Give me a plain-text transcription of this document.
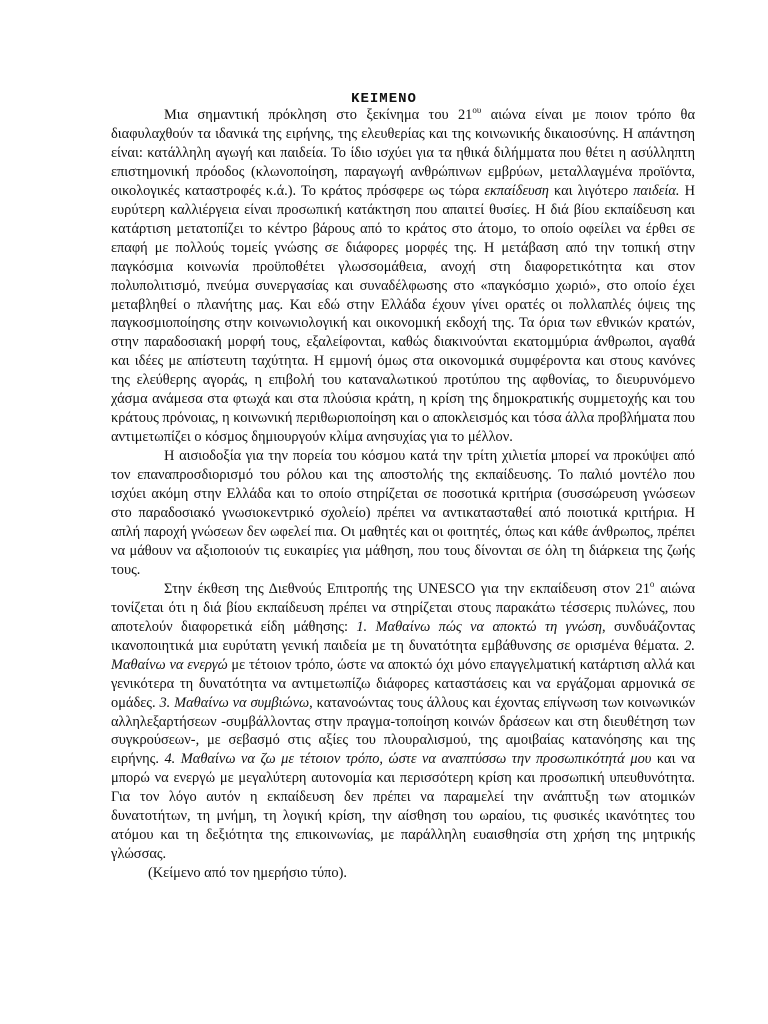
ΚΕΙΜΕΝΟ

Μια σημαντική πρόκληση στο ξεκίνημα του $21^{o\upsilon}$ αιώνα είναι με ποιον τρόπο θα διαφυλαχθούν τα ιδανικά της ειρήνης, της ελευθερίας και της κοινωνικής δικαιοσύνης. Η απάντηση είναι: κατάλληλη αγωγή και παιδεία. Το ίδιο ισχύει για τα ηθικά διλήμματα που θέτει η ασύλληπτη επιστημονική πρόοδος (κλωνοποίηση, παραγωγή ανθρώπινων εμβρύων, μεταλλαγμένα προϊόντα, οικολογικές καταστροφές κ.ά.). Το κράτος πρόσφερε ως τώρα εκπαίδευση και λιγότερο παιδεία. Η ευρύτερη καλλιέργεια είναι προσωπική κατάκτηση που απαιτεί θυσίες. Η διά βίου εκπαίδευση και κατάρτιση μετατοπίζει το κέντρο βάρους από το κράτος στο άτομο, το οποίο οφείλει να έρθει σε επαφή με πολλούς τομείς γνώσης σε διάφορες μορφές της. Η μετάβαση από την τοπική στην παγκόσμια κοινωνία προϋποθέτει γλωσσομάθεια, ανοχή στη διαφορετικότητα και στον πολυπολιτισμό, πνεύμα συνεργασίας και συναδέλφωσης στο «παγκόσμιο χωριό», στο οποίο έχει μεταβληθεί ο πλανήτης μας. Και εδώ στην Ελλάδα έχουν γίνει ορατές οι πολλαπλές όψεις της παγκοσμιοποίησης στην κοινωνιολογική και οικονομική εκδοχή της. Τα όρια των εθνικών κρατών, στην παραδοσιακή μορφή τους, εξαλείφονται, καθώς διακινούνται εκατομμύρια άνθρωποι, αγαθά και ιδέες με απίστευτη ταχύτητα. Η εμμονή όμως στα οικονομικά συμφέροντα και στους κανόνες της ελεύθερης αγοράς, η επιβολή του καταναλωτικού προτύπου της αφθονίας, το διευρυνόμενο χάσμα ανάμεσα στα φτωχά και στα πλούσια κράτη, η κρίση της δημοκρατικής συμμετοχής και του κράτους πρόνοιας, η κοινωνική περιθωριοποίηση και ο αποκλεισμός και τόσα άλλα προβλήματα που αντιμετωπίζει ο κόσμος δημιουργούν κλίμα ανησυχίας για το μέλλον.

Η αισιοδοξία για την πορεία του κόσμου κατά την τρίτη χιλιετία μπορεί να προκύψει από τον επαναπροσδιορισμό του ρόλου και της αποστολής της εκπαίδευσης. Το παλιό μοντέλο που ισχύει ακόμη στην Ελλάδα και το οποίο στηρίζεται σε ποσοτικά κριτήρια (συσσώρευση γνώσεων στο παραδοσιακό γνωσιοκεντρικό σχολείο) πρέπει να αντικατασταθεί από ποιοτικά κριτήρια. Η απλή παροχή γνώσεων δεν ωφελεί πια. Οι μαθητές και οι φοιτητές, όπως και κάθε άνθρωπος, πρέπει να μάθουν να αξιοποιούν τις ευκαιρίες για μάθηση, που τους δίνονται σε όλη τη διάρκεια της ζωής τους.

Στην έκθεση της Διεθνούς Επιτροπής της UNESCO για την εκπαίδευση στον $21^o$ αιώνα τονίζεται ότι η διά βίου εκπαίδευση πρέπει να στηρίζεται στους παρακάτω τέσσερις πυλώνες, που αποτελούν διαφορετικά είδη μάθησης: 1. Μαθαίνω πώς να αποκτώ τη γνώση, συνδυάζοντας ικανοποιητικά μια ευρύτατη γενική παιδεία με τη δυνατότητα εμβάθυνσης σε ορισμένα θέματα. 2. Μαθαίνω να ενεργώ με τέτοιον τρόπο, ώστε να αποκτώ όχι μόνο επαγγελματική κατάρτιση αλλά και γενικότερα τη δυνατότητα να αντιμετωπίζω διάφορες καταστάσεις και να εργάζομαι αρμονικά σε ομάδες. 3. Μαθαίνω να συμβιώνω, κατανοώντας τους άλλους και έχοντας επίγνωση των κοινωνικών αλληλεξαρτήσεων -συμβάλλοντας στην πραγμα-τοποίηση κοινών δράσεων και στη διευθέτηση των συγκρούσεων-, με σεβασμό στις αξίες του πλουραλισμού, της αμοιβαίας κατανόησης και της ειρήνης. 4. Μαθαίνω να ζω με τέτοιον τρόπο, ώστε να αναπτύσσω την προσωπικότητά μου και να μπορώ να ενεργώ με μεγαλύτερη αυτονομία και περισσότερη κρίση και προσωπική υπευθυνότητα. Για τον λόγο αυτόν η εκπαίδευση δεν πρέπει να παραμελεί την ανάπτυξη των ατομικών δυνατοτήτων, τη μνήμη, τη λογική κρίση, την αίσθηση του ωραίου, τις φυσικές ικανότητες του ατόμου και τη δεξιότητα της επικοινωνίας, με παράλληλη ευαισθησία στη χρήση της μητρικής γλώσσας.

(Κείμενο από τον ημερήσιο τύπο).
